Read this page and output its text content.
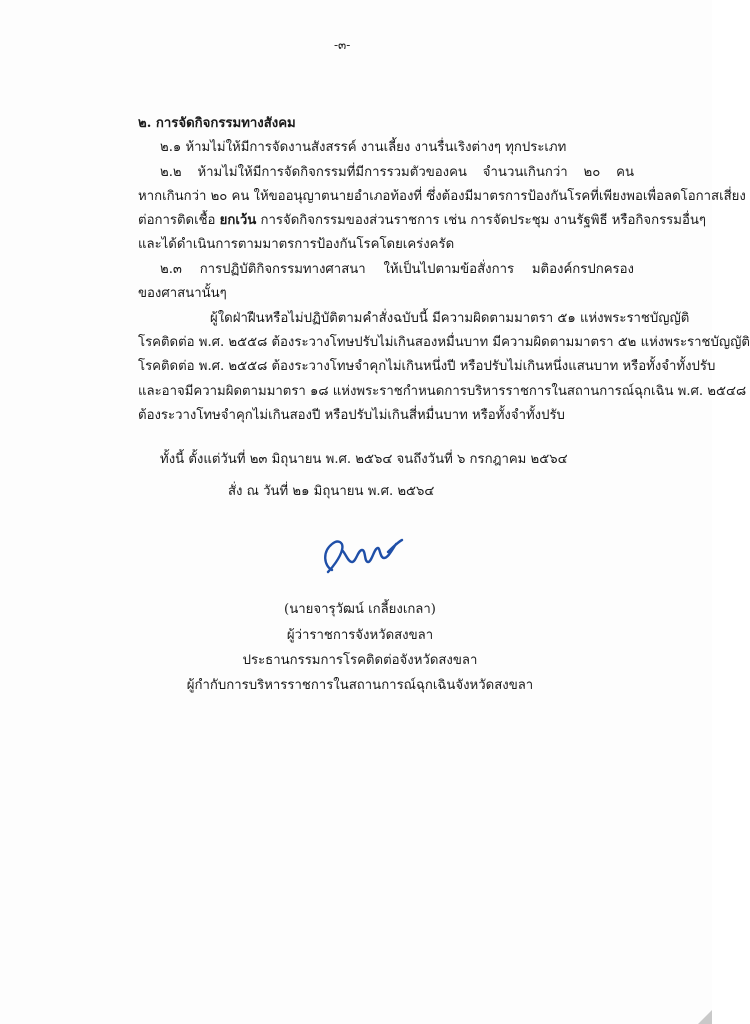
-๓-
๒. การจัดกิจกรรมทางสังคม
๒.๑ ห้ามไม่ให้มีการจัดงานสังสรรค์ งานเลี้ยง งานรื่นเริงต่างๆ ทุกประเภท
๒.๒ ห้ามไม่ให้มีการจัดกิจกรรมที่มีการรวมตัวของคน จำนวนเกินกว่า ๒๐ คน
หากเกินกว่า ๒๐ คน ให้ขออนุญาตนายอำเภอท้องที่ ซึ่งต้องมีมาตรการป้องกันโรคที่เพียงพอเพื่อลดโอกาสเสี่ยง
ต่อการติดเชื้อ ยกเว้น การจัดกิจกรรมของส่วนราชการ เช่น การจัดประชุม งานรัฐพิธี หรือกิจกรรมอื่นๆ
และได้ดำเนินการตามมาตรการป้องกันโรคโดยเคร่งครัด
๒.๓ การปฏิบัติกิจกรรมทางศาสนา ให้เป็นไปตามข้อสั่งการ มติองค์กรปกครอง
ของศาสนานั้นๆ
ผู้ใดฝ่าฝืนหรือไม่ปฏิบัติตามคำสั่งฉบับนี้ มีความผิดตามมาตรา ๕๑ แห่งพระราชบัญญัติ
โรคติดต่อ พ.ศ. ๒๕๕๘ ต้องระวางโทษปรับไม่เกินสองหมื่นบาท มีความผิดตามมาตรา ๕๒ แห่งพระราชบัญญัติ
โรคติดต่อ พ.ศ. ๒๕๕๘ ต้องระวางโทษจำคุกไม่เกินหนึ่งปี หรือปรับไม่เกินหนึ่งแสนบาท หรือทั้งจำทั้งปรับ
และอาจมีความผิดตามมาตรา ๑๘ แห่งพระราชกำหนดการบริหารราชการในสถานการณ์ฉุกเฉิน พ.ศ. ๒๕๔๘
ต้องระวางโทษจำคุกไม่เกินสองปี หรือปรับไม่เกินสี่หมื่นบาท หรือทั้งจำทั้งปรับ
ทั้งนี้ ตั้งแต่วันที่ ๒๓ มิถุนายน พ.ศ. ๒๕๖๔ จนถึงวันที่ ๖ กรกฎาคม ๒๕๖๔
สั่ง ณ วันที่ ๒๑ มิถุนายน พ.ศ. ๒๕๖๔
(นายจารุวัฒน์ เกลี้ยงเกลา)
ผู้ว่าราชการจังหวัดสงขลา
ประธานกรรมการโรคติดต่อจังหวัดสงขลา
ผู้กำกับการบริหารราชการในสถานการณ์ฉุกเฉินจังหวัดสงขลา
